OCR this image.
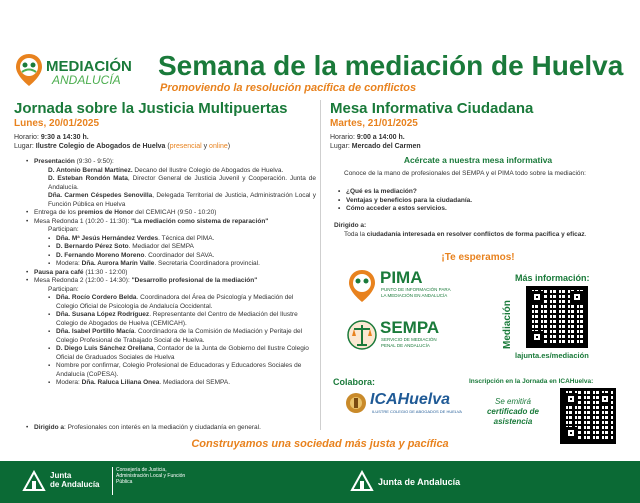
MEDIACIÓN
ANDALUCÍA Semana de la mediación de Huelva
Promoviendo la resolución pacífica de conflictos
Jornada sobre la Justicia Multipuertas
Lunes, 20/01/2025
Horario: 9:30 a 14:30 h.
Lugar: Ilustre Colegio de Abogados de Huelva (presencial y online)
• Presentación (9:30 - 9:50):
D. Antonio Bernal Martínez. Decano del Ilustre Colegio de Abogados de Huelva.
D. Esteban Rondón Mata, Director General de Justicia Juvenil y Cooperación. Junta de Andalucía.
Dña. Carmen Céspedes Senovilla, Delegada Territorial de Justicia, Administración Local y Función Pública en Huelva
• Entrega de los premios de Honor del CEMICAH (9:50 - 10:20)
• Mesa Redonda 1 (10:20 - 11:30): "La mediación como sistema de reparación"
Participan:
▪ Dña. Mª Jesús Hernández Verdes. Técnica del PIMA.
▪ D. Bernardo Pérez Soto. Mediador del SEMPA
▪ D. Fernando Moreno Moreno. Coordinador del SAVA.
▪ Modera: Dña. Aurora Marín Valle. Secretaria Coordinadora provincial.
• Pausa para café (11:30 - 12:00)
• Mesa Redonda 2 (12:00 - 14:30): "Desarrollo profesional de la mediación"
Participan:
▪ Dña. Rocío Cordero Belda. Coordinadora del Área de Psicología y Mediación del Colegio Oficial de Psicología de Andalucía Occidental.
▪ Dña. Susana López Rodríguez. Representante del Centro de Mediación del Ilustre Colegio de Abogados de Huelva (CEMICAH).
▪ Dña. Isabel Portillo Macía. Coordinadora de la Comisión de Mediación y Peritaje del Colegio Profesional de Trabajado Social de Huelva.
▪ D. Diego Luis Sánchez Orellana, Contador de la Junta de Gobierno del Ilustre Colegio Oficial de Graduados Sociales de Huelva
▪ Nombre por confirmar, Colegio Profesional de Educadoras y Educadores Sociales de Andalucía (CoPESA).
▪ Modera: Dña. Raluca Liliana Onea. Mediadora del SEMPA.
• Dirigido a: Profesionales con interés en la mediación y ciudadanía en general.
Mesa Informativa Ciudadana
Martes, 21/01/2025
Horario: 9:00 a 14:00 h.
Lugar: Mercado del Carmen
Acércate a nuestra mesa informativa
Conoce de la mano de profesionales del SEMPA y el PIMA todo sobre la mediación:
• ¿Qué es la mediación?
• Ventajas y beneficios para la ciudadanía.
• Cómo acceder a estos servicios.
Dirigido a:
Toda la ciudadanía interesada en resolver conflictos de forma pacífica y eficaz.
¡Te esperamos!
PIMA
PUNTO DE INFORMACIÓN PARA LA MEDIACIÓN EN ANDALUCÍA
SEMPA
SERVICIO DE MEDIACIÓN PENAL DE ANDALUCÍA
Más información:
Mediación
lajunta.es/mediación
Colabora:
ICAHuelva
ILUSTRE COLEGIO DE ABOGADOS DE HUELVA
Inscripción en la Jornada en ICAHuelva:
Se emitirá
certificado de asistencia
Construyamos una sociedad más justa y pacífica
Junta
de Andalucía
Consejería de Justicia, Administración Local y Función Pública	Junta de Andalucía
